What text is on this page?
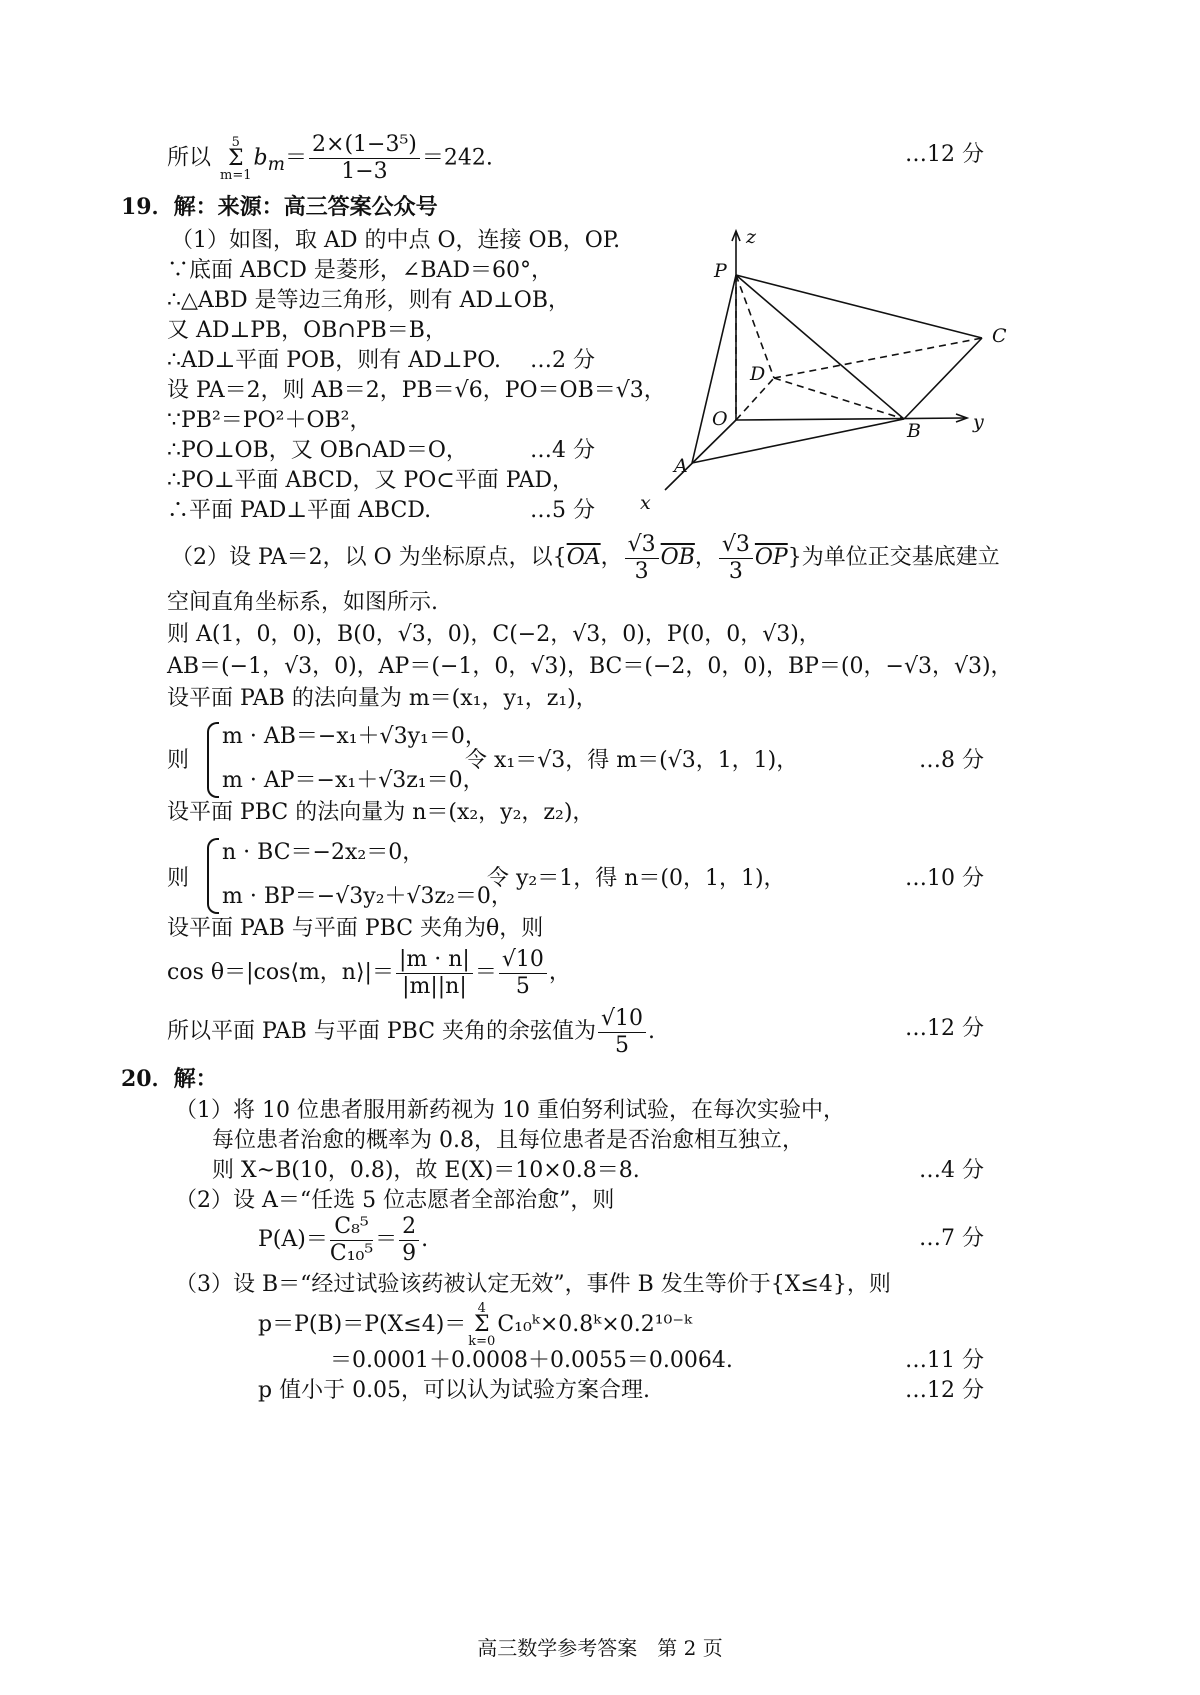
所以 5
Σ
$m=1b_m= \frac{\text{2×(1−3⁵)}}{1-3} =242$.	…12 分
19．解：来源：高三答案公众号
（1）如图，取 AD 的中点 O，连接 OB，OP.
∵底面 ABCD 是菱形，∠BAD＝60°，
∴△ABD 是等边三角形，则有 AD⊥OB，
又 AD⊥PB，OB∩PB＝B，
∴AD⊥平面 POB，则有 AD⊥PO. …2 分
设 PA＝2，则 AB＝2，PB＝√6，PO＝OB＝√3，
∵PB²＝PO²＋OB²，
∴PO⊥OB，又 OB∩AD＝O，	…4 分
∴PO⊥平面 ABCD，又 PO⊂平面 PAD，
∴平面 PAD⊥平面 ABCD.	…5 分
z
P
C
D
O
B	y
A
x
（2）设 PA＝2，以 O 为坐标原点，以{$\overline{OA}$， $\frac{√3}{3} \overline{OB}$， $\frac{√3}{3} \overline{OP}$}为单位正交基底建立
空间直角坐标系，如图所示.
则 A(1，0，0)，B(0，√3，0)，C(−2，√3，0)，P(0，0，√3)，
AB＝(−1，√3，0)，AP＝(−1，0，√3)，BC＝(−2，0，0)，BP＝(0，−√3，√3)，
设平面 PAB 的法向量为 m＝(x₁，y₁，z₁)，
则
m · AB＝−x₁＋√3y₁＝0，
m · AP＝−x₁＋√3z₁＝0，
令 x₁＝√3，得 m＝(√3，1，1)，	…8 分
设平面 PBC 的法向量为 n＝(x₂，y₂，z₂)，
则
n · BC＝−2x₂＝0，
m · BP＝−√3y₂＋√3z₂＝0，
令 y₂＝1，得 n＝(0，1，1)，	…10 分
设平面 PAB 与平面 PBC 夹角为θ，则
cos θ＝|cos⟨m，n⟩|＝ $\frac{|m \cdot n|}{|m||n|} = \frac{√10}{5}$ ，
所以平面 PAB 与平面 PBC 夹角的余弦值为 $\frac{√10}{5}$ .	…12 分
20．解：
（1）将 10 位患者服用新药视为 10 重伯努利试验，在每次实验中，
每位患者治愈的概率为 0.8，且每位患者是否治愈相互独立，
则 X~B(10，0.8)，故 E(X)＝10×0.8＝8.	…4 分
（2）设 A＝“任选 5 位志愿者全部治愈”，则
$P(A)= \frac{\text{C₈⁵}}{\text{C₁₀⁵}} = \frac{2}{9}$ .	…7 分
（3）设 B＝“经过试验该药被认定无效”，事件 B 发生等价于{X≤4}，则
p＝P(B)＝P(X≤4)＝4
Σ
k=0C₁₀ᵏ×0.8ᵏ×0.2¹⁰⁻ᵏ
＝0.0001＋0.0008＋0.0055＝0.0064.	…11 分
p 值小于 0.05，可以认为试验方案合理.	…12 分
高三数学参考答案　第 2 页
